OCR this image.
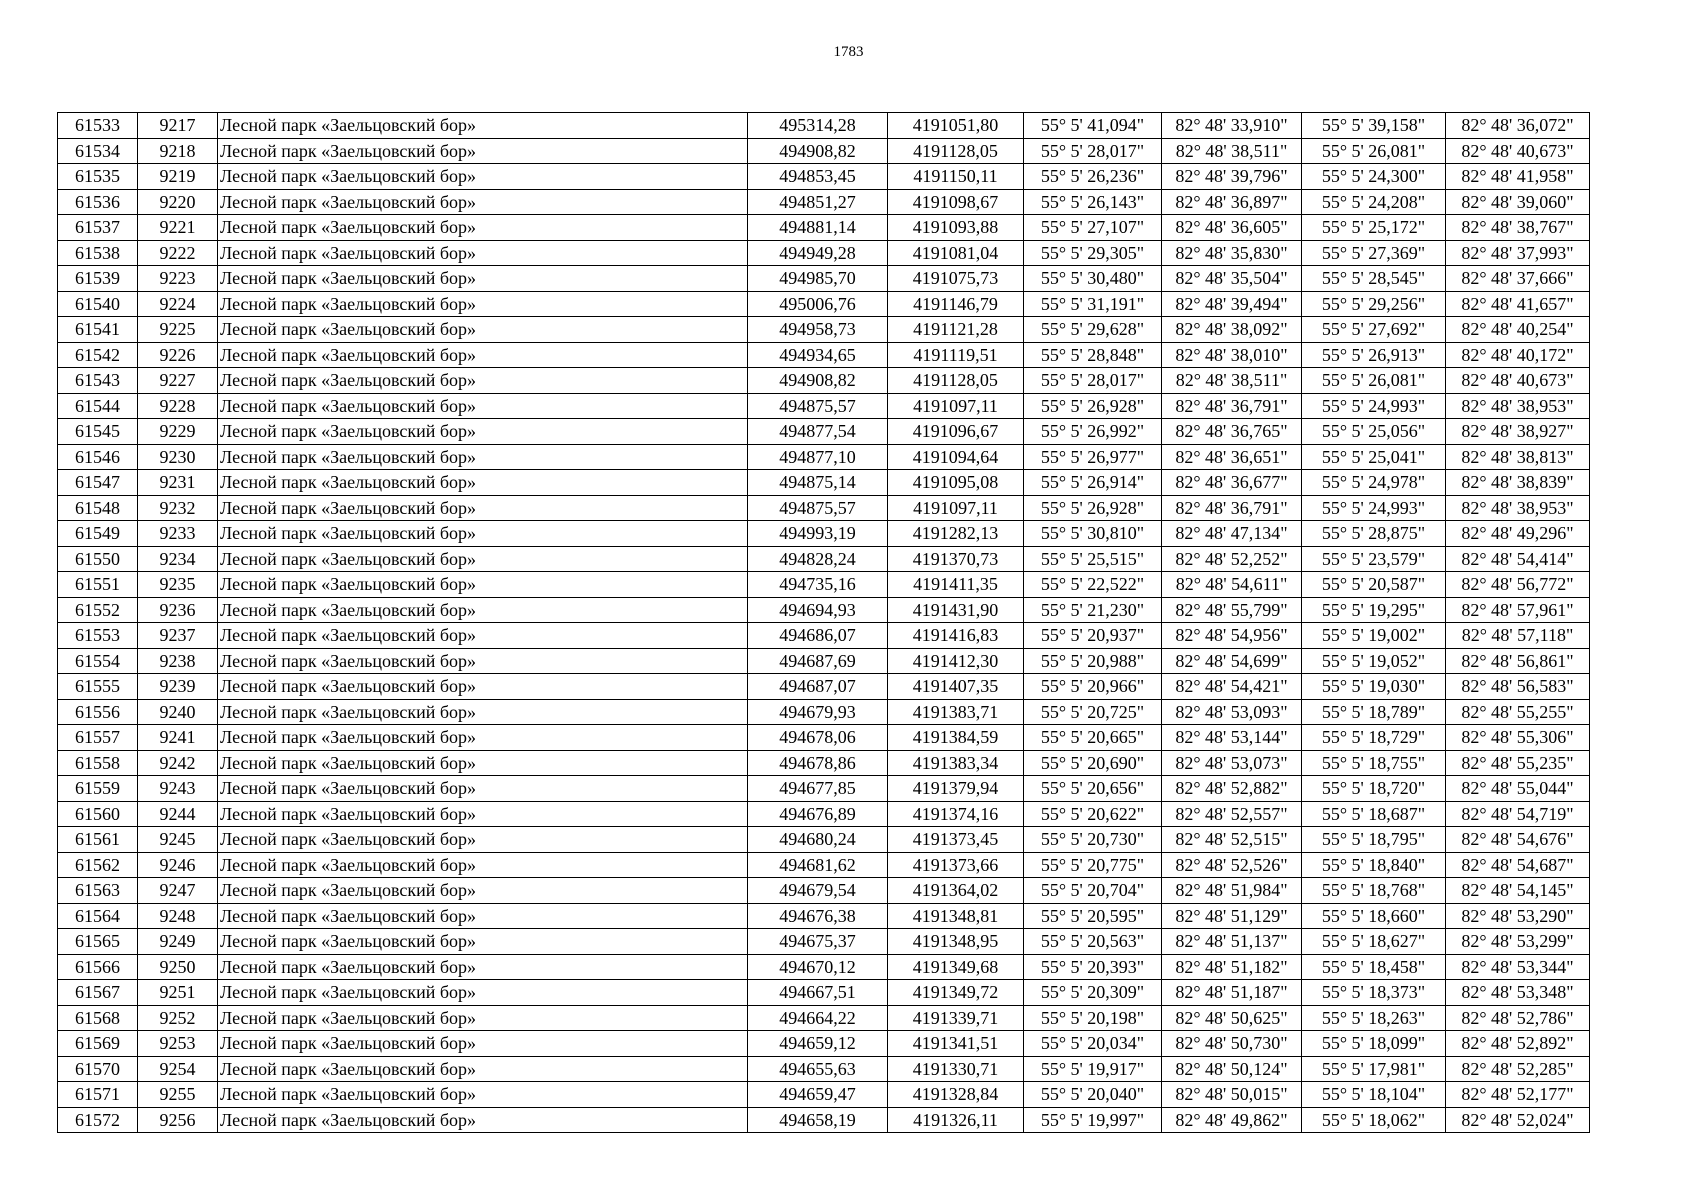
1783
61533	9217	Лесной парк «Заельцовский бор»	495314,28	4191051,80	55° 5' 41,094"	82° 48' 33,910"	55° 5' 39,158"	82° 48' 36,072"
61534	9218	Лесной парк «Заельцовский бор»	494908,82	4191128,05	55° 5' 28,017"	82° 48' 38,511"	55° 5' 26,081"	82° 48' 40,673"
61535	9219	Лесной парк «Заельцовский бор»	494853,45	4191150,11	55° 5' 26,236"	82° 48' 39,796"	55° 5' 24,300"	82° 48' 41,958"
61536	9220	Лесной парк «Заельцовский бор»	494851,27	4191098,67	55° 5' 26,143"	82° 48' 36,897"	55° 5' 24,208"	82° 48' 39,060"
61537	9221	Лесной парк «Заельцовский бор»	494881,14	4191093,88	55° 5' 27,107"	82° 48' 36,605"	55° 5' 25,172"	82° 48' 38,767"
61538	9222	Лесной парк «Заельцовский бор»	494949,28	4191081,04	55° 5' 29,305"	82° 48' 35,830"	55° 5' 27,369"	82° 48' 37,993"
61539	9223	Лесной парк «Заельцовский бор»	494985,70	4191075,73	55° 5' 30,480"	82° 48' 35,504"	55° 5' 28,545"	82° 48' 37,666"
61540	9224	Лесной парк «Заельцовский бор»	495006,76	4191146,79	55° 5' 31,191"	82° 48' 39,494"	55° 5' 29,256"	82° 48' 41,657"
61541	9225	Лесной парк «Заельцовский бор»	494958,73	4191121,28	55° 5' 29,628"	82° 48' 38,092"	55° 5' 27,692"	82° 48' 40,254"
61542	9226	Лесной парк «Заельцовский бор»	494934,65	4191119,51	55° 5' 28,848"	82° 48' 38,010"	55° 5' 26,913"	82° 48' 40,172"
61543	9227	Лесной парк «Заельцовский бор»	494908,82	4191128,05	55° 5' 28,017"	82° 48' 38,511"	55° 5' 26,081"	82° 48' 40,673"
61544	9228	Лесной парк «Заельцовский бор»	494875,57	4191097,11	55° 5' 26,928"	82° 48' 36,791"	55° 5' 24,993"	82° 48' 38,953"
61545	9229	Лесной парк «Заельцовский бор»	494877,54	4191096,67	55° 5' 26,992"	82° 48' 36,765"	55° 5' 25,056"	82° 48' 38,927"
61546	9230	Лесной парк «Заельцовский бор»	494877,10	4191094,64	55° 5' 26,977"	82° 48' 36,651"	55° 5' 25,041"	82° 48' 38,813"
61547	9231	Лесной парк «Заельцовский бор»	494875,14	4191095,08	55° 5' 26,914"	82° 48' 36,677"	55° 5' 24,978"	82° 48' 38,839"
61548	9232	Лесной парк «Заельцовский бор»	494875,57	4191097,11	55° 5' 26,928"	82° 48' 36,791"	55° 5' 24,993"	82° 48' 38,953"
61549	9233	Лесной парк «Заельцовский бор»	494993,19	4191282,13	55° 5' 30,810"	82° 48' 47,134"	55° 5' 28,875"	82° 48' 49,296"
61550	9234	Лесной парк «Заельцовский бор»	494828,24	4191370,73	55° 5' 25,515"	82° 48' 52,252"	55° 5' 23,579"	82° 48' 54,414"
61551	9235	Лесной парк «Заельцовский бор»	494735,16	4191411,35	55° 5' 22,522"	82° 48' 54,611"	55° 5' 20,587"	82° 48' 56,772"
61552	9236	Лесной парк «Заельцовский бор»	494694,93	4191431,90	55° 5' 21,230"	82° 48' 55,799"	55° 5' 19,295"	82° 48' 57,961"
61553	9237	Лесной парк «Заельцовский бор»	494686,07	4191416,83	55° 5' 20,937"	82° 48' 54,956"	55° 5' 19,002"	82° 48' 57,118"
61554	9238	Лесной парк «Заельцовский бор»	494687,69	4191412,30	55° 5' 20,988"	82° 48' 54,699"	55° 5' 19,052"	82° 48' 56,861"
61555	9239	Лесной парк «Заельцовский бор»	494687,07	4191407,35	55° 5' 20,966"	82° 48' 54,421"	55° 5' 19,030"	82° 48' 56,583"
61556	9240	Лесной парк «Заельцовский бор»	494679,93	4191383,71	55° 5' 20,725"	82° 48' 53,093"	55° 5' 18,789"	82° 48' 55,255"
61557	9241	Лесной парк «Заельцовский бор»	494678,06	4191384,59	55° 5' 20,665"	82° 48' 53,144"	55° 5' 18,729"	82° 48' 55,306"
61558	9242	Лесной парк «Заельцовский бор»	494678,86	4191383,34	55° 5' 20,690"	82° 48' 53,073"	55° 5' 18,755"	82° 48' 55,235"
61559	9243	Лесной парк «Заельцовский бор»	494677,85	4191379,94	55° 5' 20,656"	82° 48' 52,882"	55° 5' 18,720"	82° 48' 55,044"
61560	9244	Лесной парк «Заельцовский бор»	494676,89	4191374,16	55° 5' 20,622"	82° 48' 52,557"	55° 5' 18,687"	82° 48' 54,719"
61561	9245	Лесной парк «Заельцовский бор»	494680,24	4191373,45	55° 5' 20,730"	82° 48' 52,515"	55° 5' 18,795"	82° 48' 54,676"
61562	9246	Лесной парк «Заельцовский бор»	494681,62	4191373,66	55° 5' 20,775"	82° 48' 52,526"	55° 5' 18,840"	82° 48' 54,687"
61563	9247	Лесной парк «Заельцовский бор»	494679,54	4191364,02	55° 5' 20,704"	82° 48' 51,984"	55° 5' 18,768"	82° 48' 54,145"
61564	9248	Лесной парк «Заельцовский бор»	494676,38	4191348,81	55° 5' 20,595"	82° 48' 51,129"	55° 5' 18,660"	82° 48' 53,290"
61565	9249	Лесной парк «Заельцовский бор»	494675,37	4191348,95	55° 5' 20,563"	82° 48' 51,137"	55° 5' 18,627"	82° 48' 53,299"
61566	9250	Лесной парк «Заельцовский бор»	494670,12	4191349,68	55° 5' 20,393"	82° 48' 51,182"	55° 5' 18,458"	82° 48' 53,344"
61567	9251	Лесной парк «Заельцовский бор»	494667,51	4191349,72	55° 5' 20,309"	82° 48' 51,187"	55° 5' 18,373"	82° 48' 53,348"
61568	9252	Лесной парк «Заельцовский бор»	494664,22	4191339,71	55° 5' 20,198"	82° 48' 50,625"	55° 5' 18,263"	82° 48' 52,786"
61569	9253	Лесной парк «Заельцовский бор»	494659,12	4191341,51	55° 5' 20,034"	82° 48' 50,730"	55° 5' 18,099"	82° 48' 52,892"
61570	9254	Лесной парк «Заельцовский бор»	494655,63	4191330,71	55° 5' 19,917"	82° 48' 50,124"	55° 5' 17,981"	82° 48' 52,285"
61571	9255	Лесной парк «Заельцовский бор»	494659,47	4191328,84	55° 5' 20,040"	82° 48' 50,015"	55° 5' 18,104"	82° 48' 52,177"
61572	9256	Лесной парк «Заельцовский бор»	494658,19	4191326,11	55° 5' 19,997"	82° 48' 49,862"	55° 5' 18,062"	82° 48' 52,024"
